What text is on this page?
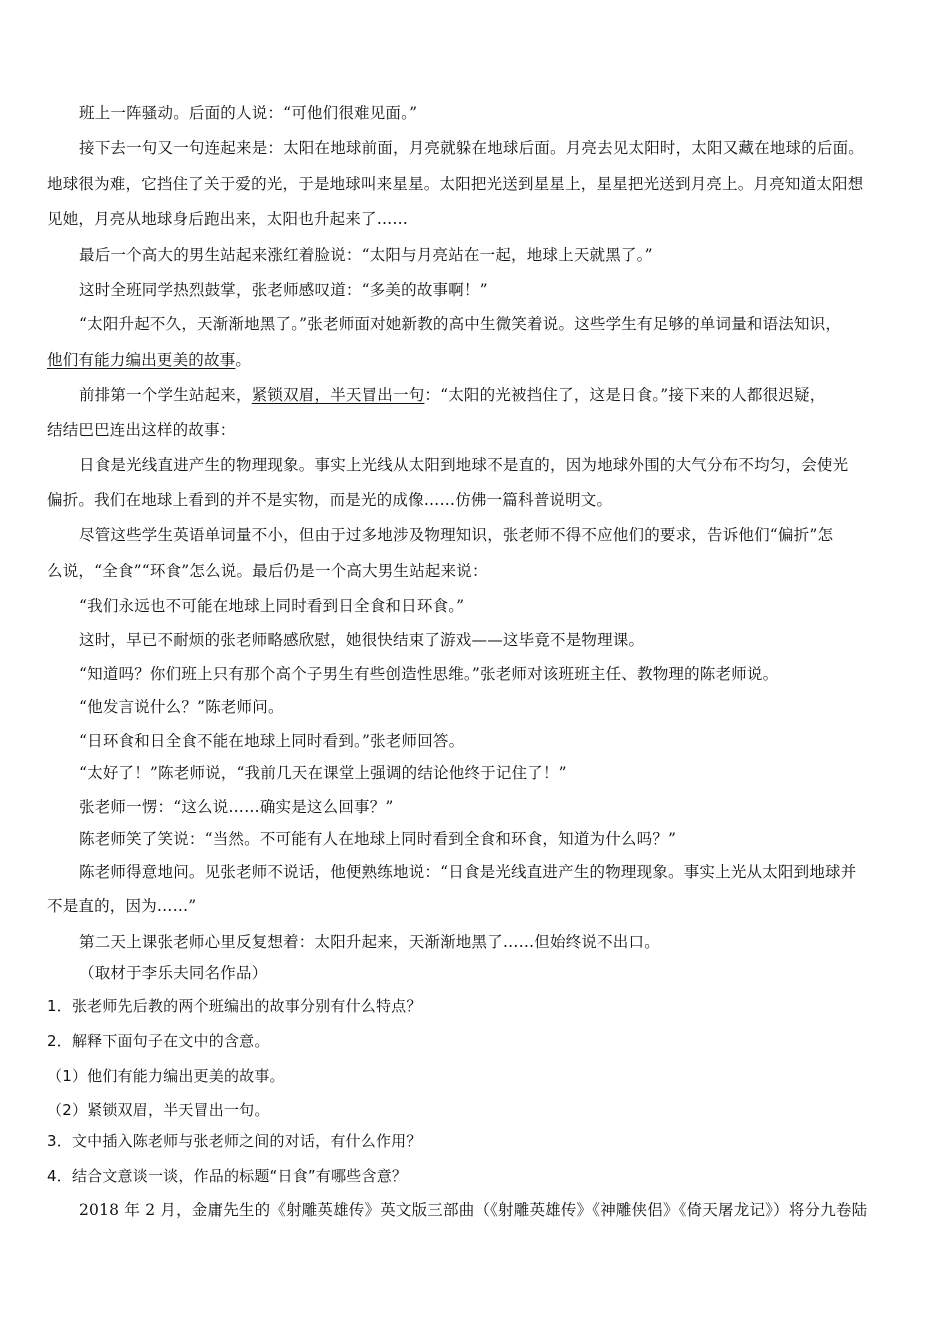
班上一阵骚动。后面的人说：“可他们很难见面。”
接下去一句又一句连起来是：太阳在地球前面，月亮就躲在地球后面。月亮去见太阳时，太阳又藏在地球的后面。
地球很为难，它挡住了关于爱的光，于是地球叫来星星。太阳把光送到星星上，星星把光送到月亮上。月亮知道太阳想
见她，月亮从地球身后跑出来，太阳也升起来了……
最后一个高大的男生站起来涨红着脸说：“太阳与月亮站在一起，地球上天就黑了。”
这时全班同学热烈鼓掌，张老师感叹道：“多美的故事啊！”
“太阳升起不久，天渐渐地黑了。”张老师面对她新教的高中生微笑着说。这些学生有足够的单词量和语法知识，
他们有能力编出更美的故事。
前排第一个学生站起来，紧锁双眉，半天冒出一句：“太阳的光被挡住了，这是日食。”接下来的人都很迟疑，
结结巴巴连出这样的故事：
日食是光线直进产生的物理现象。事实上光线从太阳到地球不是直的，因为地球外围的大气分布不均匀，会使光
偏折。我们在地球上看到的并不是实物，而是光的成像……仿佛一篇科普说明文。
尽管这些学生英语单词量不小，但由于过多地涉及物理知识，张老师不得不应他们的要求，告诉他们“偏折”怎
么说，“全食”“环食”怎么说。最后仍是一个高大男生站起来说：
“我们永远也不可能在地球上同时看到日全食和日环食。”
这时，早已不耐烦的张老师略感欣慰，她很快结束了游戏——这毕竟不是物理课。
“知道吗？你们班上只有那个高个子男生有些创造性思维。”张老师对该班班主任、教物理的陈老师说。
“他发言说什么？”陈老师问。
“日环食和日全食不能在地球上同时看到。”张老师回答。
“太好了！”陈老师说，“我前几天在课堂上强调的结论他终于记住了！”
张老师一愣：“这么说……确实是这么回事？”
陈老师笑了笑说：“当然。不可能有人在地球上同时看到全食和环食，知道为什么吗？”
陈老师得意地问。见张老师不说话，他便熟练地说：“日食是光线直进产生的物理现象。事实上光从太阳到地球并
不是直的，因为……”
第二天上课张老师心里反复想着：太阳升起来，天渐渐地黑了……但始终说不出口。
（取材于李乐夫同名作品）
1．张老师先后教的两个班编出的故事分别有什么特点？
2．解释下面句子在文中的含意。
（1）他们有能力编出更美的故事。
（2）紧锁双眉，半天冒出一句。
3．文中插入陈老师与张老师之间的对话，有什么作用？
4．结合文意谈一谈，作品的标题“日食”有哪些含意？
2018 年 2 月，金庸先生的《射雕英雄传》英文版三部曲（《射雕英雄传》《神雕侠侣》《倚天屠龙记》）将分九卷陆
